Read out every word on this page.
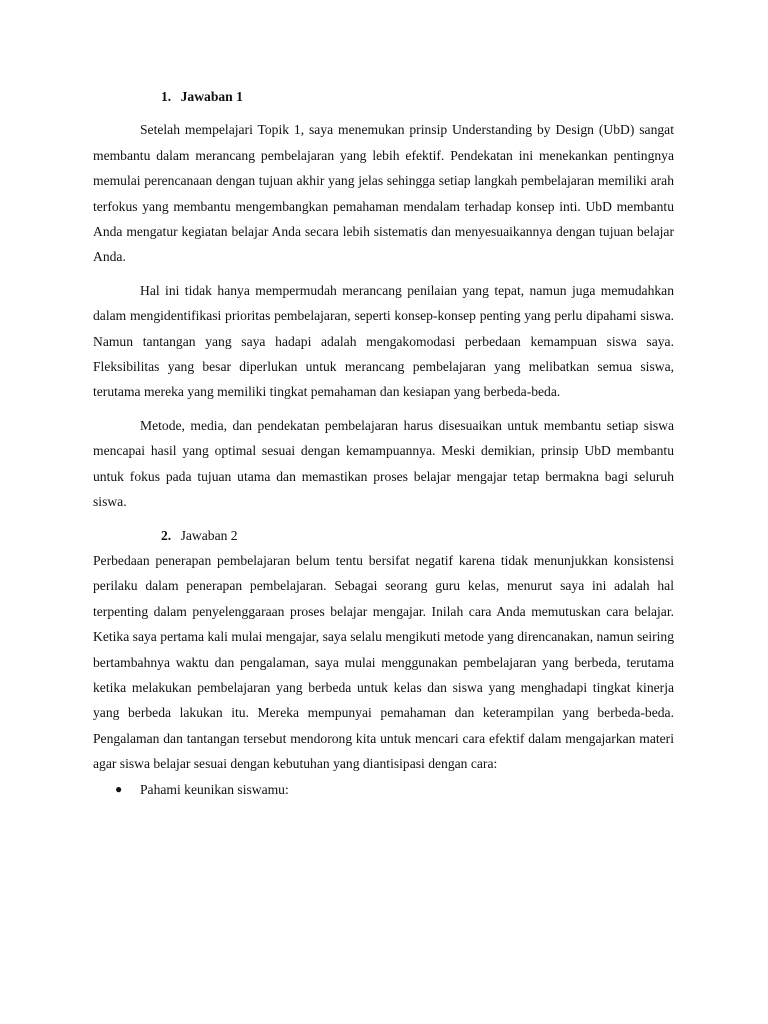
1. Jawaban 1

Setelah mempelajari Topik 1, saya menemukan prinsip Understanding by Design (UbD) sangat membantu dalam merancang pembelajaran yang lebih efektif. Pendekatan ini menekankan pentingnya memulai perencanaan dengan tujuan akhir yang jelas sehingga setiap langkah pembelajaran memiliki arah terfokus yang membantu mengembangkan pemahaman mendalam terhadap konsep inti. UbD membantu Anda mengatur kegiatan belajar Anda secara lebih sistematis dan menyesuaikannya dengan tujuan belajar Anda.

Hal ini tidak hanya mempermudah merancang penilaian yang tepat, namun juga memudahkan dalam mengidentifikasi prioritas pembelajaran, seperti konsep-konsep penting yang perlu dipahami siswa. Namun tantangan yang saya hadapi adalah mengakomodasi perbedaan kemampuan siswa saya. Fleksibilitas yang besar diperlukan untuk merancang pembelajaran yang melibatkan semua siswa, terutama mereka yang memiliki tingkat pemahaman dan kesiapan yang berbeda-beda.

Metode, media, dan pendekatan pembelajaran harus disesuaikan untuk membantu setiap siswa mencapai hasil yang optimal sesuai dengan kemampuannya. Meski demikian, prinsip UbD membantu untuk fokus pada tujuan utama dan memastikan proses belajar mengajar tetap bermakna bagi seluruh siswa.

2. Jawaban 2

Perbedaan penerapan pembelajaran belum tentu bersifat negatif karena tidak menunjukkan konsistensi perilaku dalam penerapan pembelajaran. Sebagai seorang guru kelas, menurut saya ini adalah hal terpenting dalam penyelenggaraan proses belajar mengajar. Inilah cara Anda memutuskan cara belajar. Ketika saya pertama kali mulai mengajar, saya selalu mengikuti metode yang direncanakan, namun seiring bertambahnya waktu dan pengalaman, saya mulai menggunakan pembelajaran yang berbeda, terutama ketika melakukan pembelajaran yang berbeda untuk kelas dan siswa yang menghadapi tingkat kinerja yang berbeda lakukan itu. Mereka mempunyai pemahaman dan keterampilan yang berbeda-beda. Pengalaman dan tantangan tersebut mendorong kita untuk mencari cara efektif dalam mengajarkan materi agar siswa belajar sesuai dengan kebutuhan yang diantisipasi dengan cara:

● Pahami keunikan siswamu:
